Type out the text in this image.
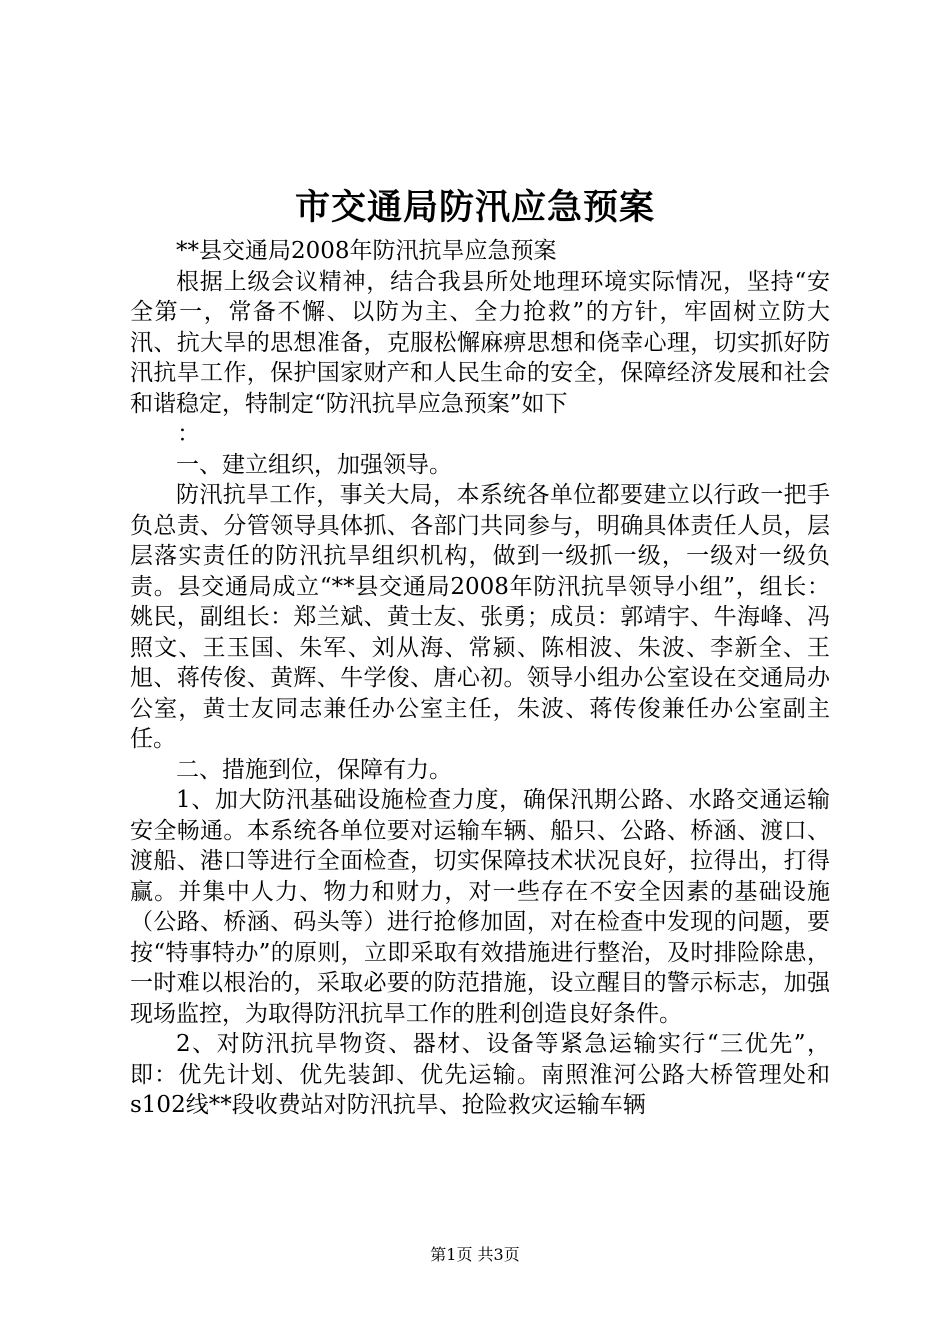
市交通局防汛应急预案

**县交通局2008年防汛抗旱应急预案

根据上级会议精神，结合我县所处地理环境实际情况，坚持“安全第一，常备不懈、以防为主、全力抢救”的方针，牢固树立防大汛、抗大旱的思想准备，克服松懈麻痹思想和侥幸心理，切实抓好防汛抗旱工作，保护国家财产和人民生命的安全，保障经济发展和社会和谐稳定，特制定“防汛抗旱应急预案”如下

：

一、建立组织，加强领导。

防汛抗旱工作，事关大局，本系统各单位都要建立以行政一把手负总责、分管领导具体抓、各部门共同参与，明确具体责任人员，层层落实责任的防汛抗旱组织机构，做到一级抓一级，一级对一级负责。县交通局成立“**县交通局2008年防汛抗旱领导小组”，组长：姚民，副组长：郑兰斌、黄士友、张勇；成员：郭靖宇、牛海峰、冯照文、王玉国、朱军、刘从海、常颍、陈相波、朱波、李新全、王旭、蒋传俊、黄辉、牛学俊、唐心初。领导小组办公室设在交通局办公室，黄士友同志兼任办公室主任，朱波、蒋传俊兼任办公室副主任。

二、措施到位，保障有力。

1、加大防汛基础设施检查力度，确保汛期公路、水路交通运输安全畅通。本系统各单位要对运输车辆、船只、公路、桥涵、渡口、渡船、港口等进行全面检查，切实保障技术状况良好，拉得出，打得赢。并集中人力、物力和财力，对一些存在不安全因素的基础设施（公路、桥涵、码头等）进行抢修加固，对在检查中发现的问题，要按“特事特办”的原则，立即采取有效措施进行整治，及时排险除患，一时难以根治的，采取必要的防范措施，设立醒目的警示标志，加强现场监控，为取得防汛抗旱工作的胜利创造良好条件。

2、对防汛抗旱物资、器材、设备等紧急运输实行“三优先”，即：优先计划、优先装卸、优先运输。南照淮河公路大桥管理处和s102线**段收费站对防汛抗旱、抢险救灾运输车辆

第1页 共3页
